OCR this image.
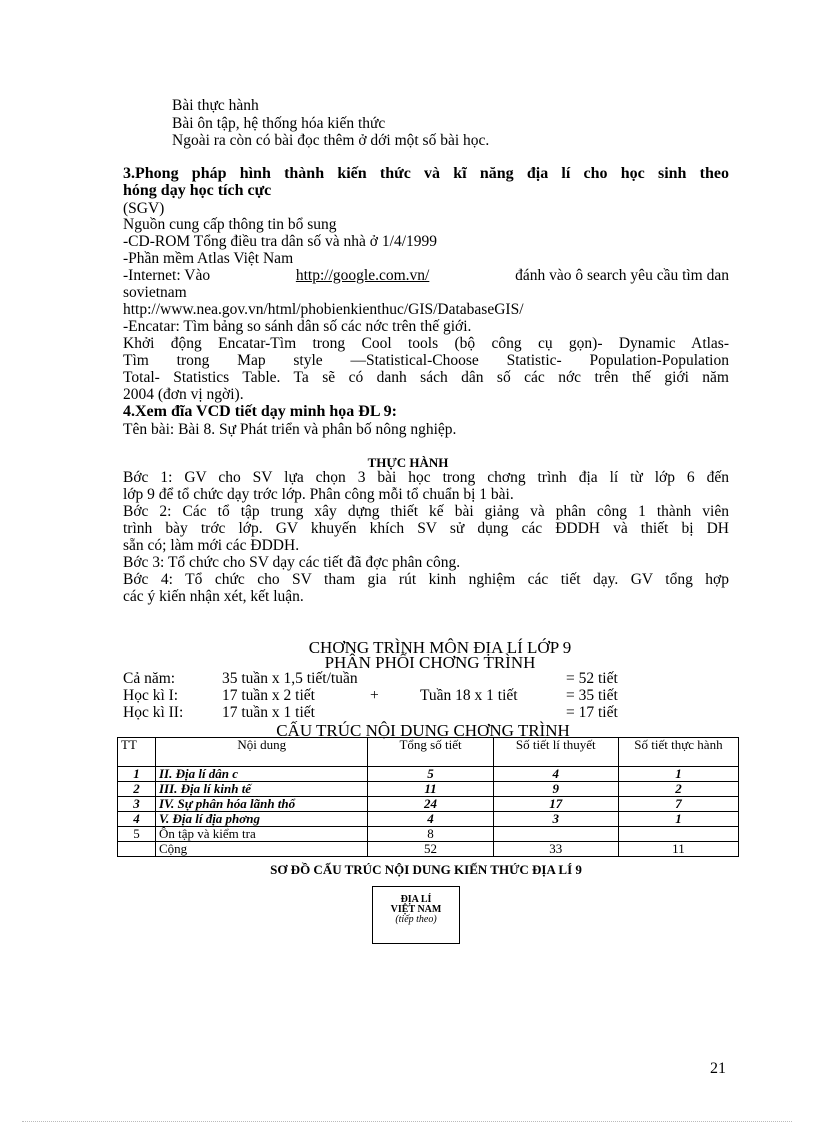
Bài thực hành
Bài ôn tập, hệ thống hóa kiến thức
Ngoài ra còn có bài đọc thêm ở dới một số bài học.
3.Phong pháp hình thành kiến thức và kĩ năng địa lí cho học sinh theo
hóng dạy học tích cực
(SGV)
Nguồn cung cấp thông tin bổ sung
-CD-ROM Tổng điều tra dân số và nhà ở 1/4/1999
-Phần mềm Atlas Việt Nam
-Internet: Vào	http://google.com.vn/	đánh vào ô search yêu cầu tìm dan
sovietnam
http://www.nea.gov.vn/html/phobienkienthuc/GIS/DatabaseGIS/
-Encatar: Tìm bảng so sánh dân số các nớc trên thế giới.
Khởi động Encatar-Tìm trong Cool tools (bộ công cụ gọn)- Dynamic Atlas-
Tìm trong Map style —Statistical-Choose Statistic- Population-Population
Total- Statistics Table. Ta sẽ có danh sách dân số các nớc trên thế giới năm
2004 (đơn vị ngời).
4.Xem đĩa VCD tiết dạy minh họa ĐL 9:
Tên bài: Bài 8. Sự Phát triển và phân bố nông nghiệp.
THỰC HÀNH
Bớc 1: GV cho SV lựa chọn 3 bài học trong chơng trình địa lí từ lớp 6 đến
lớp 9 để tổ chức dạy trớc lớp. Phân công mỗi tổ chuẩn bị 1 bài.
Bớc 2: Các tổ tập trung xây dựng thiết kế bài giảng và phân công 1 thành viên
trình bày trớc lớp. GV khuyến khích SV sử dụng các ĐDDH và thiết bị DH
sẵn có; làm mới các ĐDDH.
Bớc 3: Tổ chức cho SV dạy các tiết đã đợc phân công.
Bớc 4: Tổ chức cho SV tham gia rút kinh nghiệm các tiết dạy. GV tổng hợp
các ý kiến nhận xét, kết luận.
CHƠNG TRÌNH MÔN ĐỊA LÍ LỚP 9
PHÂN PHỐI CHƠNG TRÌNH
Cả năm:	35 tuần x 1,5 tiết/tuần	= 52 tiết
Học kì I:	17 tuần x 2 tiết	+	Tuần 18 x 1 tiết	= 35 tiết
Học kì II: 17 tuần x 1 tiết	= 17 tiết
CẤU TRÚC NỘI DUNG CHƠNG TRÌNH
TT	Nội dung	Tổng số tiết	Số tiết lí thuyết	Số tiết thực hành
1	II. Địa lí dân c	5	4	1
2	III. Địa lí kinh tế	11	9	2
3	IV. Sự phân hóa lãnh thổ	24	17	7
4	V. Địa lí địa phơng	4	3	1
5	Ôn tập và kiểm tra	8		
	Cộng	52	33	11
SƠ ĐỒ CẤU TRÚC NỘI DUNG KIẾN THỨC ĐỊA LÍ 9
ĐỊA LÍ
VIỆT NAM
(tiếp theo)
21
